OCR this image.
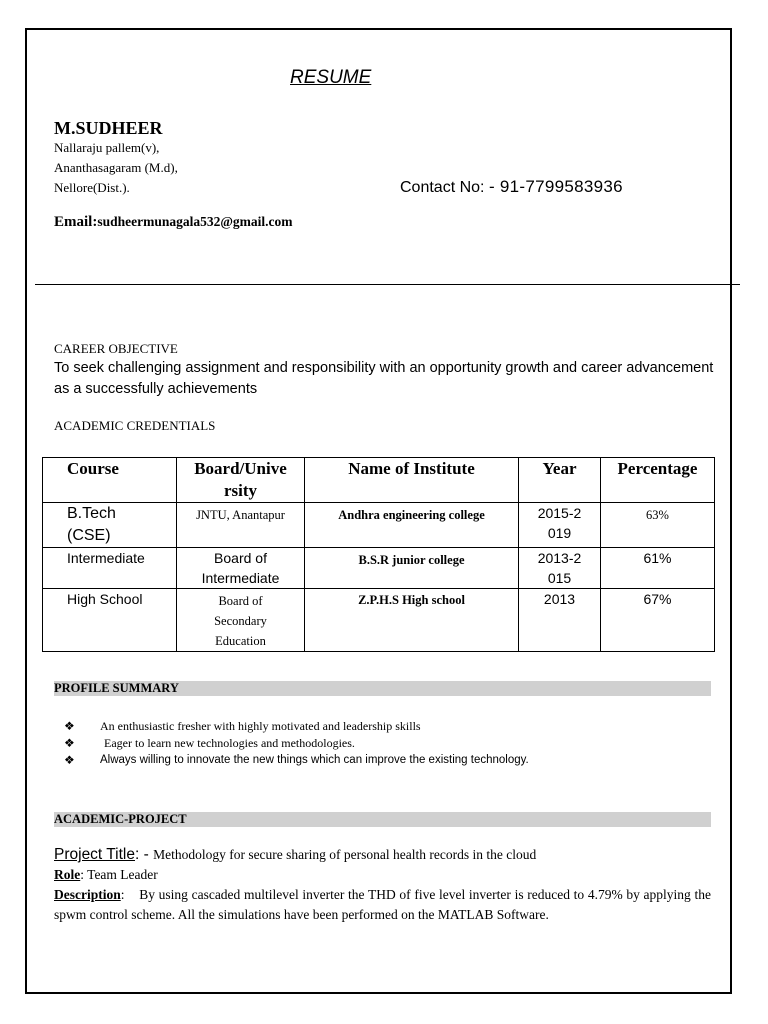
RESUME
M.SUDHEER
Nallaraju pallem(v),
Ananthasagaram (M.d),
Nellore(Dist.).	Contact No: - 91-7799583936
Email:sudheermunagala532@gmail.com
CAREER OBJECTIVE
To seek challenging assignment and responsibility with an opportunity growth and career advancement as a successfully achievements
ACADEMIC CREDENTIALS
Course	Board/University	Name of Institute	Year	Percentage

B.Tech (CSE)	JNTU, Anantapur	Andhra engineering college	2015-2019	63%

Intermediate	Board of Intermediate	B.S.R junior college	2013-2015	61%
High School	Board of Secondary Education	Z.P.H.S High school	2013	67%
PROFILE SUMMARY
❖	An enthusiastic fresher with highly motivated and leadership skills
❖	Eager to learn new technologies and methodologies.
❖	Always willing to innovate the new things which can improve the existing technology.
ACADEMIC-PROJECT
Project Title: - Methodology for secure sharing of personal health records in the cloud
Role: Team Leader
Description:    By using cascaded multilevel inverter the THD of five level inverter is reduced to 4.79% by applying the spwm control scheme. All the simulations have been performed on the MATLAB Software.
